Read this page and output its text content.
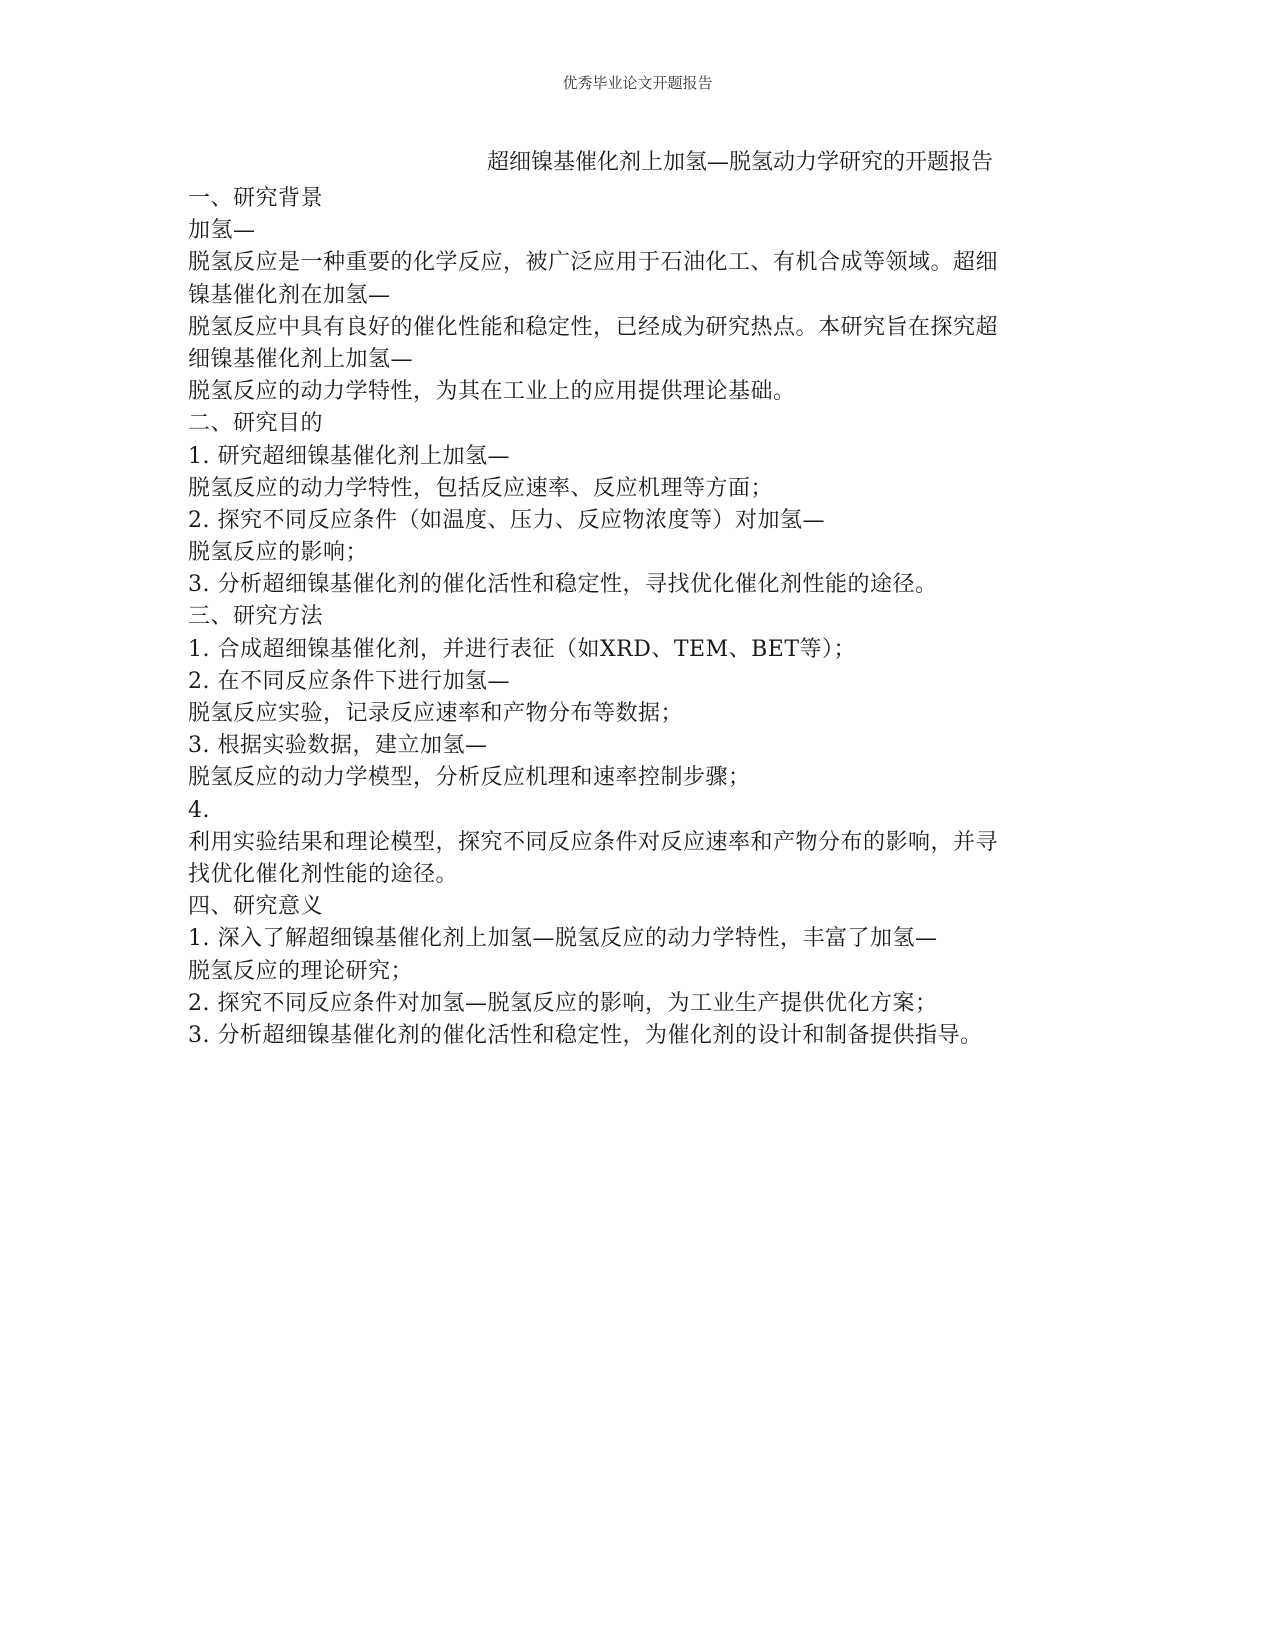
优秀毕业论文开题报告
超细镍基催化剂上加氢—脱氢动力学研究的开题报告
一、研究背景
加氢—
脱氢反应是一种重要的化学反应，被广泛应用于石油化工、有机合成等领域。超细
镍基催化剂在加氢—
脱氢反应中具有良好的催化性能和稳定性，已经成为研究热点。本研究旨在探究超
细镍基催化剂上加氢—
脱氢反应的动力学特性，为其在工业上的应用提供理论基础。
二、研究目的
1. 研究超细镍基催化剂上加氢—
脱氢反应的动力学特性，包括反应速率、反应机理等方面；
2. 探究不同反应条件（如温度、压力、反应物浓度等）对加氢—
脱氢反应的影响；
3. 分析超细镍基催化剂的催化活性和稳定性，寻找优化催化剂性能的途径。
三、研究方法
1. 合成超细镍基催化剂，并进行表征（如XRD、TEM、BET等）；
2. 在不同反应条件下进行加氢—
脱氢反应实验，记录反应速率和产物分布等数据；
3. 根据实验数据，建立加氢—
脱氢反应的动力学模型，分析反应机理和速率控制步骤；
4.
利用实验结果和理论模型，探究不同反应条件对反应速率和产物分布的影响，并寻
找优化催化剂性能的途径。
四、研究意义
1. 深入了解超细镍基催化剂上加氢—脱氢反应的动力学特性，丰富了加氢—
脱氢反应的理论研究；
2. 探究不同反应条件对加氢—脱氢反应的影响，为工业生产提供优化方案；
3. 分析超细镍基催化剂的催化活性和稳定性，为催化剂的设计和制备提供指导。
